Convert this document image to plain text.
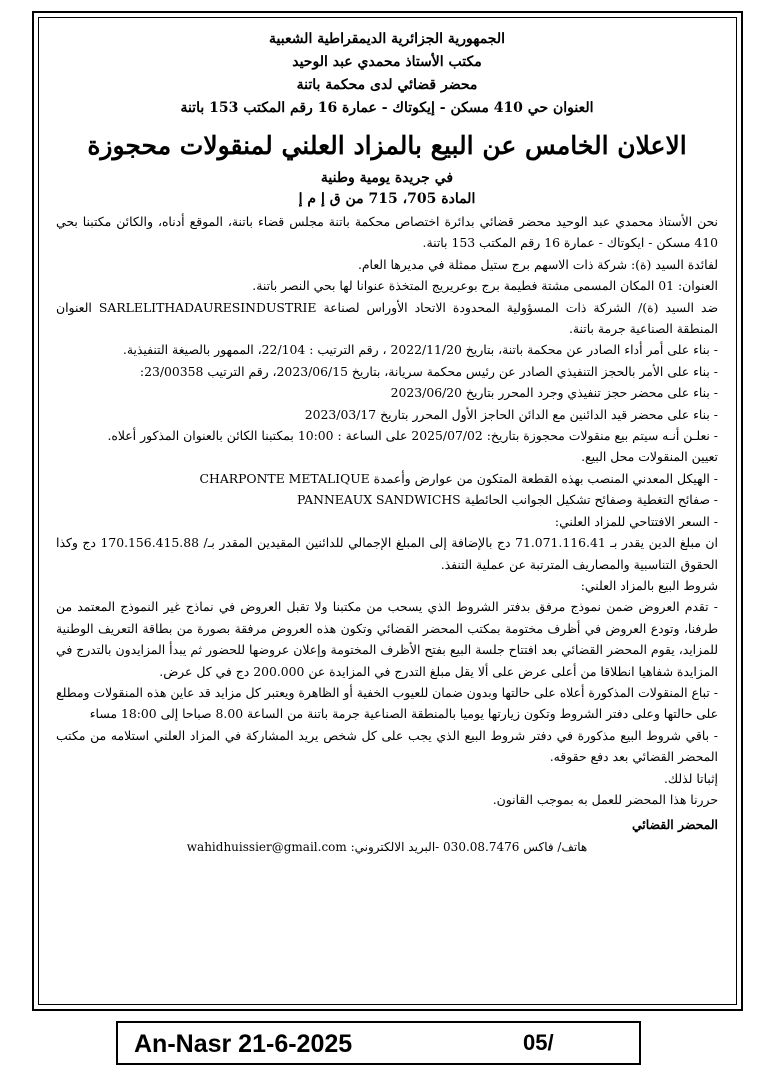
الجمهورية الجزائرية الديمقراطية الشعبية
مكتب الأستاذ محمدي عبد الوحيد
محضر قضائي لدى محكمة باتنة
العنوان حي 410 مسكن - إيكوتاك - عمارة 16 رقم المكتب 153 باتنة
الاعلان الخامس عن البيع بالمزاد العلني لمنقولات محجوزة
في جريدة يومية وطنية
المادة 705، 715 من ق إ م إ

نحن الأستاذ محمدي عبد الوحيد محضر قضائي بدائرة اختصاص محكمة باتنة مجلس قضاء باتنة، الموقع أدناه، والكائن مكتبنا بحي 410 مسكن - ايكوتاك - عمارة 16 رقم المكتب 153 باتنة.

لفائدة السيد (ة): شركة ذات الاسهم برج ستيل ممثلة في مديرها العام.

العنوان: 01 المكان المسمى مشتة فطيمة برج بوعريريج المتخذة عنوانا لها بحي النصر باتنة.

ضد السيد (ة)/ الشركة ذات المسؤولية المحدودة الاتحاد الأوراس لصناعة SARLELITHADAURESINDUSTRIE العنوان المنطقة الصناعية جرمة باتنة.

- بناء على أمر أداء الصادر عن محكمة باتنة، بتاريخ 2022/11/20 ، رقم الترتيب : 22/104، الممهور بالصيغة التنفيذية.

- بناء على الأمر بالحجز التنفيذي الصادر عن رئيس محكمة سريانة، بتاريخ 2023/06/15، رقم الترتيب 23/00358:

- بناء على محضر حجز تنفيذي وجرد المحرر بتاريخ 2023/06/20

- بناء على محضر قيد الدائنين مع الدائن الحاجز الأول المحرر بتاريخ 2023/03/17

- نعلـن أنـه سيتم بيع منقولات محجوزة بتاريخ: 2025/07/02 على الساعة : 10:00 بمكتبنا الكائن بالعنوان المذكور أعلاه.

تعيين المنقولات محل البيع.

- الهيكل المعدني المنصب بهذه القطعة المتكون من عوارض وأعمدة CHARPONTE METALIQUE

- صفائح التغطية وصفائح تشكيل الجوانب الحائطية PANNEAUX SANDWICHS

- السعر الافتتاحي للمزاد العلني:

ان مبلغ الدين يقدر بـ 71.071.116.41 دج بالإضافة إلى المبلغ الإجمالي للدائنين المقيدين المقدر بـ/ 170.156.415.88 دج وكذا الحقوق التناسبية والمصاريف المترتبة عن عملية التنفذ.

شروط البيع بالمزاد العلني:

- تقدم العروض ضمن نموذج مرفق بدفتر الشروط الذي يسحب من مكتبنا ولا تقبل العروض في نماذج غير النموذج المعتمد من طرفنا، وتودع العروض في أظرف مختومة بمكتب المحضر القضائي وتكون هذه العروض مرفقة بصورة من بطاقة التعريف الوطنية للمزايد، يقوم المحضر القضائي بعد افتتاح جلسة البيع بفتح الأظرف المختومة وإعلان عروضها للحضور ثم يبدأ المزايدون بالتدرج في المزايدة شفاهيا انطلاقا من أعلى عرض على ألا يقل مبلغ التدرج في المزايدة عن 200.000 دج في كل عرض.

- تباع المنقولات المذكورة أعلاه على حالتها وبدون ضمان للعيوب الخفية أو الظاهرة ويعتبر كل مزايد قد عاين هذه المنقولات ومطلع على حالتها وعلى دفتر الشروط وتكون زيارتها يوميا بالمنطقة الصناعية جرمة باتنة من الساعة 8.00 صباحا إلى 18:00 مساء

- باقي شروط البيع مذكورة في دفتر شروط البيع الذي يجب على كل شخص يريد المشاركة في المزاد العلني استلامه من مكتب المحضر القضائي بعد دفع حقوقه.

إثباتا لذلك.

حررنا هذا المحضر للعمل به بموجب القانون.

المحضر القضائي
هاتف/ فاكس 030.08.7476 -البريد الالكتروني: wahidhuissier@gmail.com
An-Nasr 21-6-2025	05/
